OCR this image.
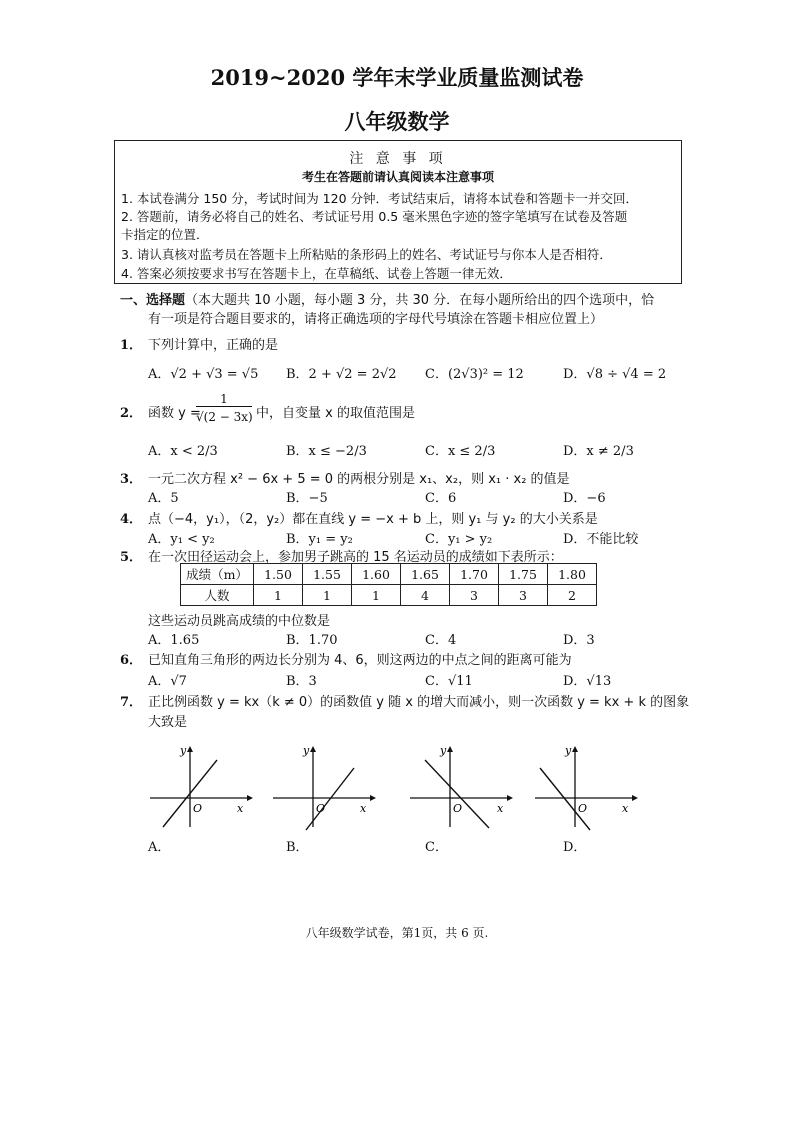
2019~2020 学年末学业质量监测试卷
八年级数学
注 意 事 项
考生在答题前请认真阅读本注意事项
1. 本试卷满分 150 分，考试时间为 120 分钟．考试结束后，请将本试卷和答题卡一并交回．
2. 答题前，请务必将自己的姓名、考试证号用 0.5 毫米黑色字迹的签字笔填写在试卷及答题
卡指定的位置．
3. 请认真核对监考员在答题卡上所粘贴的条形码上的姓名、考试证号与你本人是否相符．
4. 答案必须按要求书写在答题卡上，在草稿纸、试卷上答题一律无效．
一、选择题（本大题共 10 小题，每小题 3 分，共 30 分．在每小题所给出的四个选项中，恰
有一项是符合题目要求的，请将正确选项的字母代号填涂在答题卡相应位置上）
1． 下列计算中，正确的是
A．√2 + √3 = √5 B．2 + √2 = 2√2 C．(2√3)² = 12	D．√8 ÷ √4 = 2
2． 函数 y =
1
√(2 − 3x) 中，自变量 x 的取值范围是
A．x < 2/3	B．x ≤ −2/3	C．x ≤ 2/3	D．x ≠ 2/3
3． 一元二次方程 x² − 6x + 5 = 0 的两根分别是 x₁、x₂，则 x₁ · x₂ 的值是
A．5	B．−5	C．6	D．−6
4． 点（−4，y₁），（2，y₂）都在直线 y = −x + b 上，则 y₁ 与 y₂ 的大小关系是
A．y₁ < y₂	B．y₁ = y₂	C．y₁ > y₂	D．不能比较
5． 在一次田径运动会上，参加男子跳高的 15 名运动员的成绩如下表所示：
成绩（m）	1.50	1.55	1.60	1.65	1.70	1.75	1.80
人数	1	1	1	4	3	3	2
这些运动员跳高成绩的中位数是
A．1.65	B．1.70	C．4	D．3
6． 已知直角三角形的两边长分别为 4、6，则这两边的中点之间的距离可能为
A．√7	B．3	C．√11	D．√13
7． 正比例函数 y = kx（k ≠ 0）的函数值 y 随 x 的增大而减小，则一次函数 y = kx + k 的图象
大致是
y
O	x
y
O	x
y
O	x
y
O	x
A．	B．	C．	D．
八年级数学试卷，第1页，共 6 页.
